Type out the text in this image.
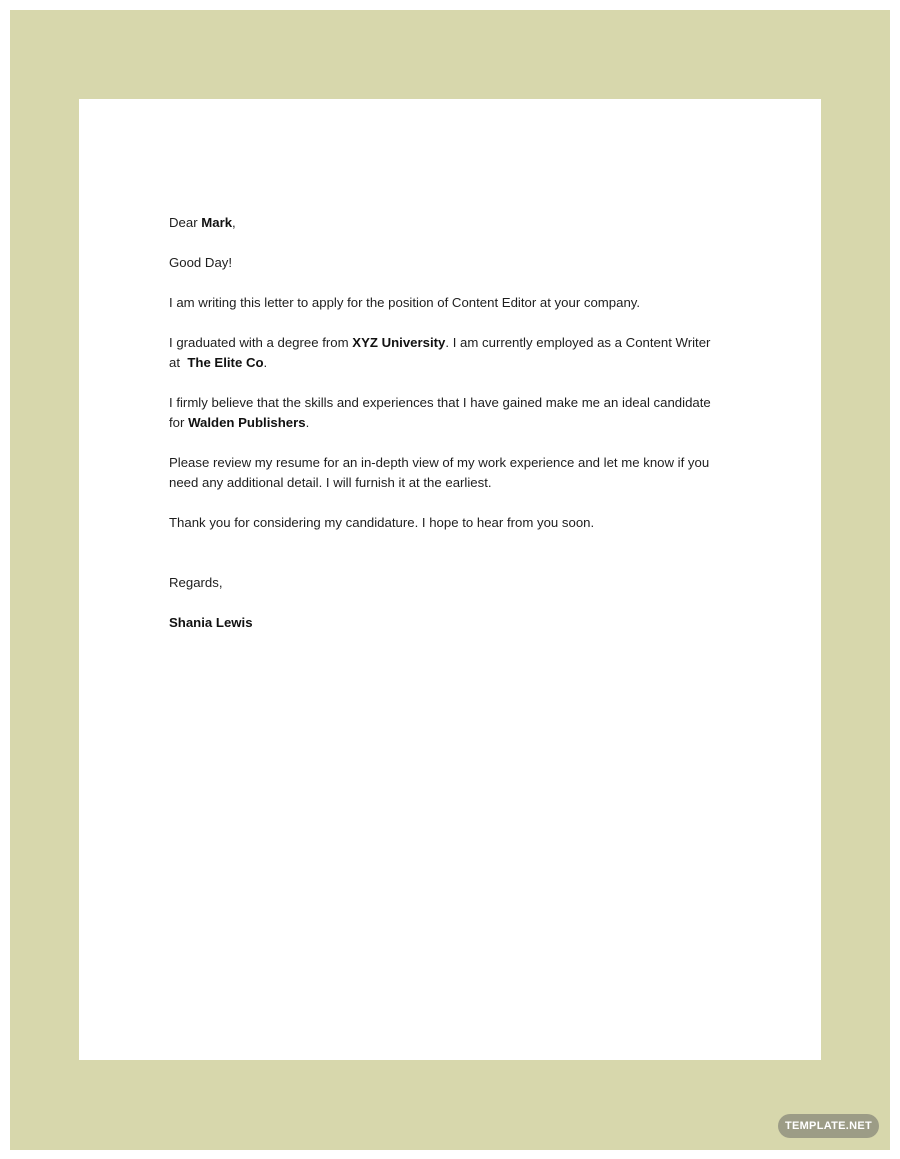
Dear Mark,

Good Day!

I am writing this letter to apply for the position of Content Editor at your company.

I graduated with a degree from XYZ University. I am currently employed as a Content Writer
at  The Elite Co.

I firmly believe that the skills and experiences that I have gained make me an ideal candidate
for Walden Publishers.

Please review my resume for an in-depth view of my work experience and let me know if you
need any additional detail. I will furnish it at the earliest.

Thank you for considering my candidature. I hope to hear from you soon.

Regards,

Shania Lewis

TEMPLATE.NET
